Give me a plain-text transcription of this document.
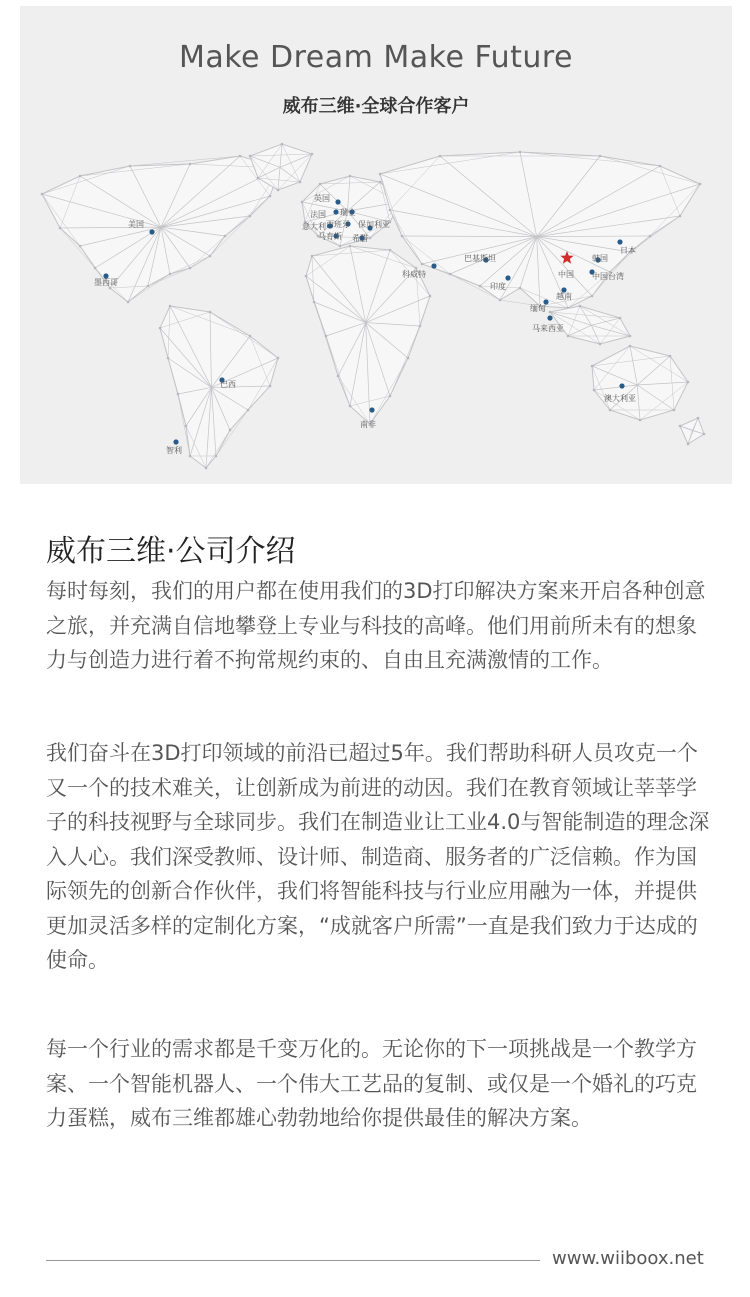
Make Dream Make Future
威布三维·全球合作客户
美国
墨西哥
巴西
智利
英国
法国 瑞士
意大利 西班牙
马育斯
保加利亚
希腊
科威特
巴基斯坦
印度
中国
韩国
日本
中国台湾
越南
缅甸
马来西亚
南非
澳大利亚
威布三维·公司介绍
每时每刻，我们的用户都在使用我们的3D打印解决方案来开启各种创意之旅，并充满自信地攀登上专业与科技的高峰。他们用前所未有的想象力与创造力进行着不拘常规约束的、自由且充满激情的工作。
我们奋斗在3D打印领域的前沿已超过5年。我们帮助科研人员攻克一个又一个的技术难关，让创新成为前进的动因。我们在教育领域让莘莘学子的科技视野与全球同步。我们在制造业让工业4.0与智能制造的理念深入人心。我们深受教师、设计师、制造商、服务者的广泛信赖。作为国际领先的创新合作伙伴，我们将智能科技与行业应用融为一体，并提供更加灵活多样的定制化方案，“成就客户所需”一直是我们致力于达成的使命。
每一个行业的需求都是千变万化的。无论你的下一项挑战是一个教学方案、一个智能机器人、一个伟大工艺品的复制、或仅是一个婚礼的巧克力蛋糕，威布三维都雄心勃勃地给你提供最佳的解决方案。
www.wiiboox.net
